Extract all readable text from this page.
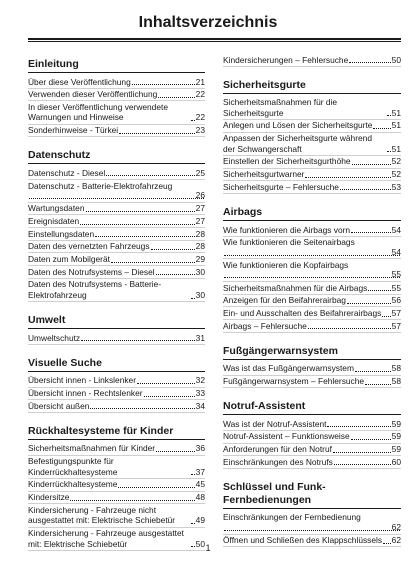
Inhaltsverzeichnis
Einleitung
Über diese Veröffentlichung	21
Verwenden dieser Veröffentlichung	22
In dieser Veröffentlichung verwendete Warnungen und Hinweise	22
Sonderhinweise - Türkei	23
Datenschutz
Datenschutz - Diesel	25
Datenschutz - Batterie-Elektrofahrzeug
26
Wartungsdaten	27
Ereignisdaten	27
Einstellungsdaten	28
Daten des vernetzten Fahrzeugs	28
Daten zum Mobilgerät	29
Daten des Notrufsystems – Diesel	30
Daten des Notrufsystems - Batterie-Elektrofahrzeug	30
Umwelt
Umweltschutz	31
Visuelle Suche
Übersicht innen - Linkslenker	32
Übersicht innen - Rechtslenker	33
Übersicht außen	34
Rückhaltesysteme für Kinder
Sicherheitsmaßnahmen für Kinder	36
Befestigungspunkte für Kinderrückhaltesysteme	37
Kinderrückhaltesysteme	45
Kindersitze	48
Kindersicherung - Fahrzeuge nicht ausgestattet mit: Elektrische Schiebetür	49
Kindersicherung - Fahrzeuge ausgestattet mit: Elektrische Schiebetür	50
Kindersicherungen – Fehlersuche	50
Sicherheitsgurte
Sicherheitsmaßnahmen für die Sicherheitsgurte	51
Anlegen und Lösen der Sicherheitsgurte 51
Anpassen der Sicherheitsgurte während der Schwangerschaft	51
Einstellen der Sicherheitsgurthöhe	52
Sicherheitsgurtwarner	52
Sicherheitsgurte – Fehlersuche	53
Airbags
Wie funktionieren die Airbags vorn	54
Wie funktionieren die Seitenairbags
54
Wie funktionieren die Kopfairbags
55
Sicherheitsmaßnahmen für die Airbags	55
Anzeigen für den Beifahrerairbag	56
Ein- und Ausschalten des Beifahrerairbags 57
Airbags – Fehlersuche	57
Fußgängerwarnsystem
Was ist das Fußgängerwarnsystem	58
Fußgängerwarnsystem – Fehlersuche	58
Notruf-Assistent
Was ist der Notruf-Assistent	59
Notruf-Assistent – Funktionsweise	59
Anforderungen für den Notruf	59
Einschränkungen des Notrufs	60
Schlüssel und Funk-Fernbedienungen
Einschränkungen der Fernbedienung
62
Öffnen und Schließen des Klappschlüssels 62
1
